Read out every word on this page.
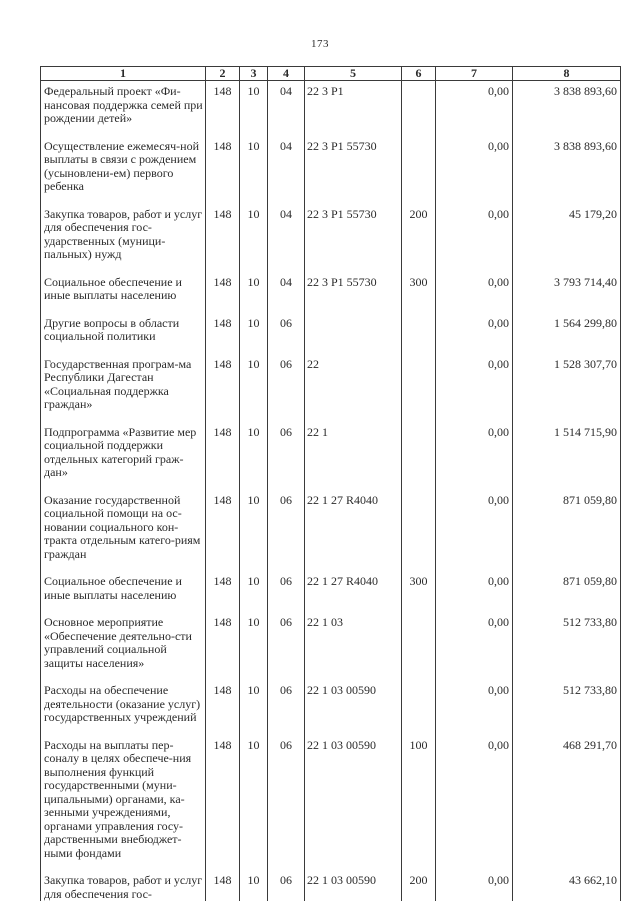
173
1	2	3	4	5	6	7	8
Федеральный проект «Фи-нансовая поддержка семей при рождении детей»	148	10	04	22 3 P1		0,00	3 838 893,60
Осуществление ежемесяч-ной выплаты в связи с рождением (усыновлени-ем) первого ребенка	148	10	04	22 3 P1 55730		0,00	3 838 893,60
Закупка товаров, работ и услуг для обеспечения гос-ударственных (муници-пальных) нужд	148	10	04	22 3 P1 55730	200	0,00	45 179,20
Социальное обеспечение и иные выплаты населению	148	10	04	22 3 P1 55730	300	0,00	3 793 714,40
Другие вопросы в области социальной политики	148	10	06			0,00	1 564 299,80
Государственная програм-ма Республики Дагестан «Социальная поддержка граждан»	148	10	06	22		0,00	1 528 307,70
Подпрограмма «Развитие мер социальной поддержки отдельных категорий граж-дан»	148	10	06	22 1		0,00	1 514 715,90
Оказание государственной социальной помощи на ос-новании социального кон-тракта отдельным катего-риям граждан	148	10	06	22 1 27 R4040		0,00	871 059,80
Социальное обеспечение и иные выплаты населению	148	10	06	22 1 27 R4040	300	0,00	871 059,80
Основное мероприятие «Обеспечение деятельно-сти управлений социальной защиты населения»	148	10	06	22 1 03		0,00	512 733,80
Расходы на обеспечение деятельности (оказание услуг) государственных учреждений	148	10	06	22 1 03 00590		0,00	512 733,80
Расходы на выплаты пер-соналу в целях обеспече-ния выполнения функций государственными (муни-ципальными) органами, ка-зенными учреждениями, органами управления госу-дарственными внебюджет-ными фондами	148	10	06	22 1 03 00590	100	0,00	468 291,70
Закупка товаров, работ и услуг для обеспечения гос-	148	10	06	22 1 03 00590	200	0,00	43 662,10
